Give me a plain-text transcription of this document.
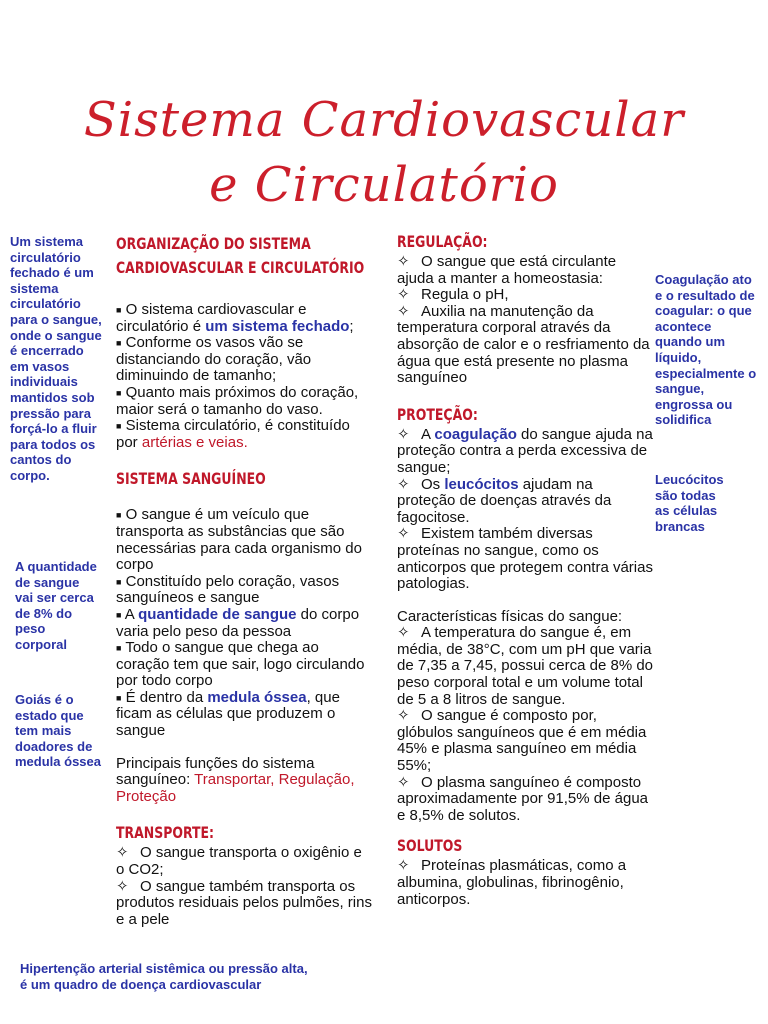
Sistema Cardiovascular
e Circulatório

Um sistema circulatório fechado é um sistema circulatório para o sangue, onde o sangue é encerrado em vasos individuais mantidos sob pressão para forçá-lo a fluir para todos os cantos do corpo.

A quantidade de sangue vai ser cerca de 8% do peso corporal

Goiás é o estado que tem mais doadores de medula óssea

Coagulação ato e o resultado de coagular: o que acontece quando um líquido, especialmente o sangue, engrossa ou solidifica

Leucócitos são todas as células brancas

Hipertenção arterial sistêmica ou pressão alta,
é um quadro de doença cardiovascular

ORGANIZAÇÃO DO SISTEMA CARDIOVASCULAR E CIRCULATÓRIO

■ O sistema cardiovascular e circulatório é um sistema fechado;

■ Conforme os vasos vão se distanciando do coração, vão diminuindo de tamanho;

■ Quanto mais próximos do coração, maior será o tamanho do vaso.

■ Sistema circulatório, é constituído por artérias e veias.

SISTEMA SANGUÍNEO

■ O sangue é um veículo que transporta as substâncias que são necessárias para cada organismo do corpo

■ Constituído pelo coração, vasos sanguíneos e sangue

■ A quantidade de sangue do corpo varia pelo peso da pessoa

■ Todo o sangue que chega ao coração tem que sair, logo circulando por todo corpo

■ É dentro da medula óssea, que ficam as células que produzem o sangue

Principais funções do sistema sanguíneo: Transportar, Regulação, Proteção

TRANSPORTE:

✧ O sangue transporta o oxigênio e o CO2;

✧ O sangue também transporta os produtos residuais pelos pulmões, rins e a pele

REGULAÇÃO:

✧ O sangue que está circulante ajuda a manter a homeostasia:

✧ Regula o pH,

✧ Auxilia na manutenção da temperatura corporal através da absorção de calor e o resfriamento da água que está presente no plasma sanguíneo

PROTEÇÃO:

✧ A coagulação do sangue ajuda na proteção contra a perda excessiva de sangue;

✧ Os leucócitos ajudam na proteção de doenças através da fagocitose.

✧ Existem também diversas proteínas no sangue, como os anticorpos que protegem contra várias patologias.

Características físicas do sangue:

✧ A temperatura do sangue é, em média, de 38°C, com um pH que varia de 7,35 a 7,45, possui cerca de 8% do peso corporal total e um volume total de 5 a 8 litros de sangue.

✧ O sangue é composto por, glóbulos sanguíneos que é em média 45% e plasma sanguíneo em média 55%;

✧ O plasma sanguíneo é composto aproximadamente por 91,5% de água e 8,5% de solutos.

SOLUTOS

✧ Proteínas plasmáticas, como a albumina, globulinas, fibrinogênio, anticorpos.
